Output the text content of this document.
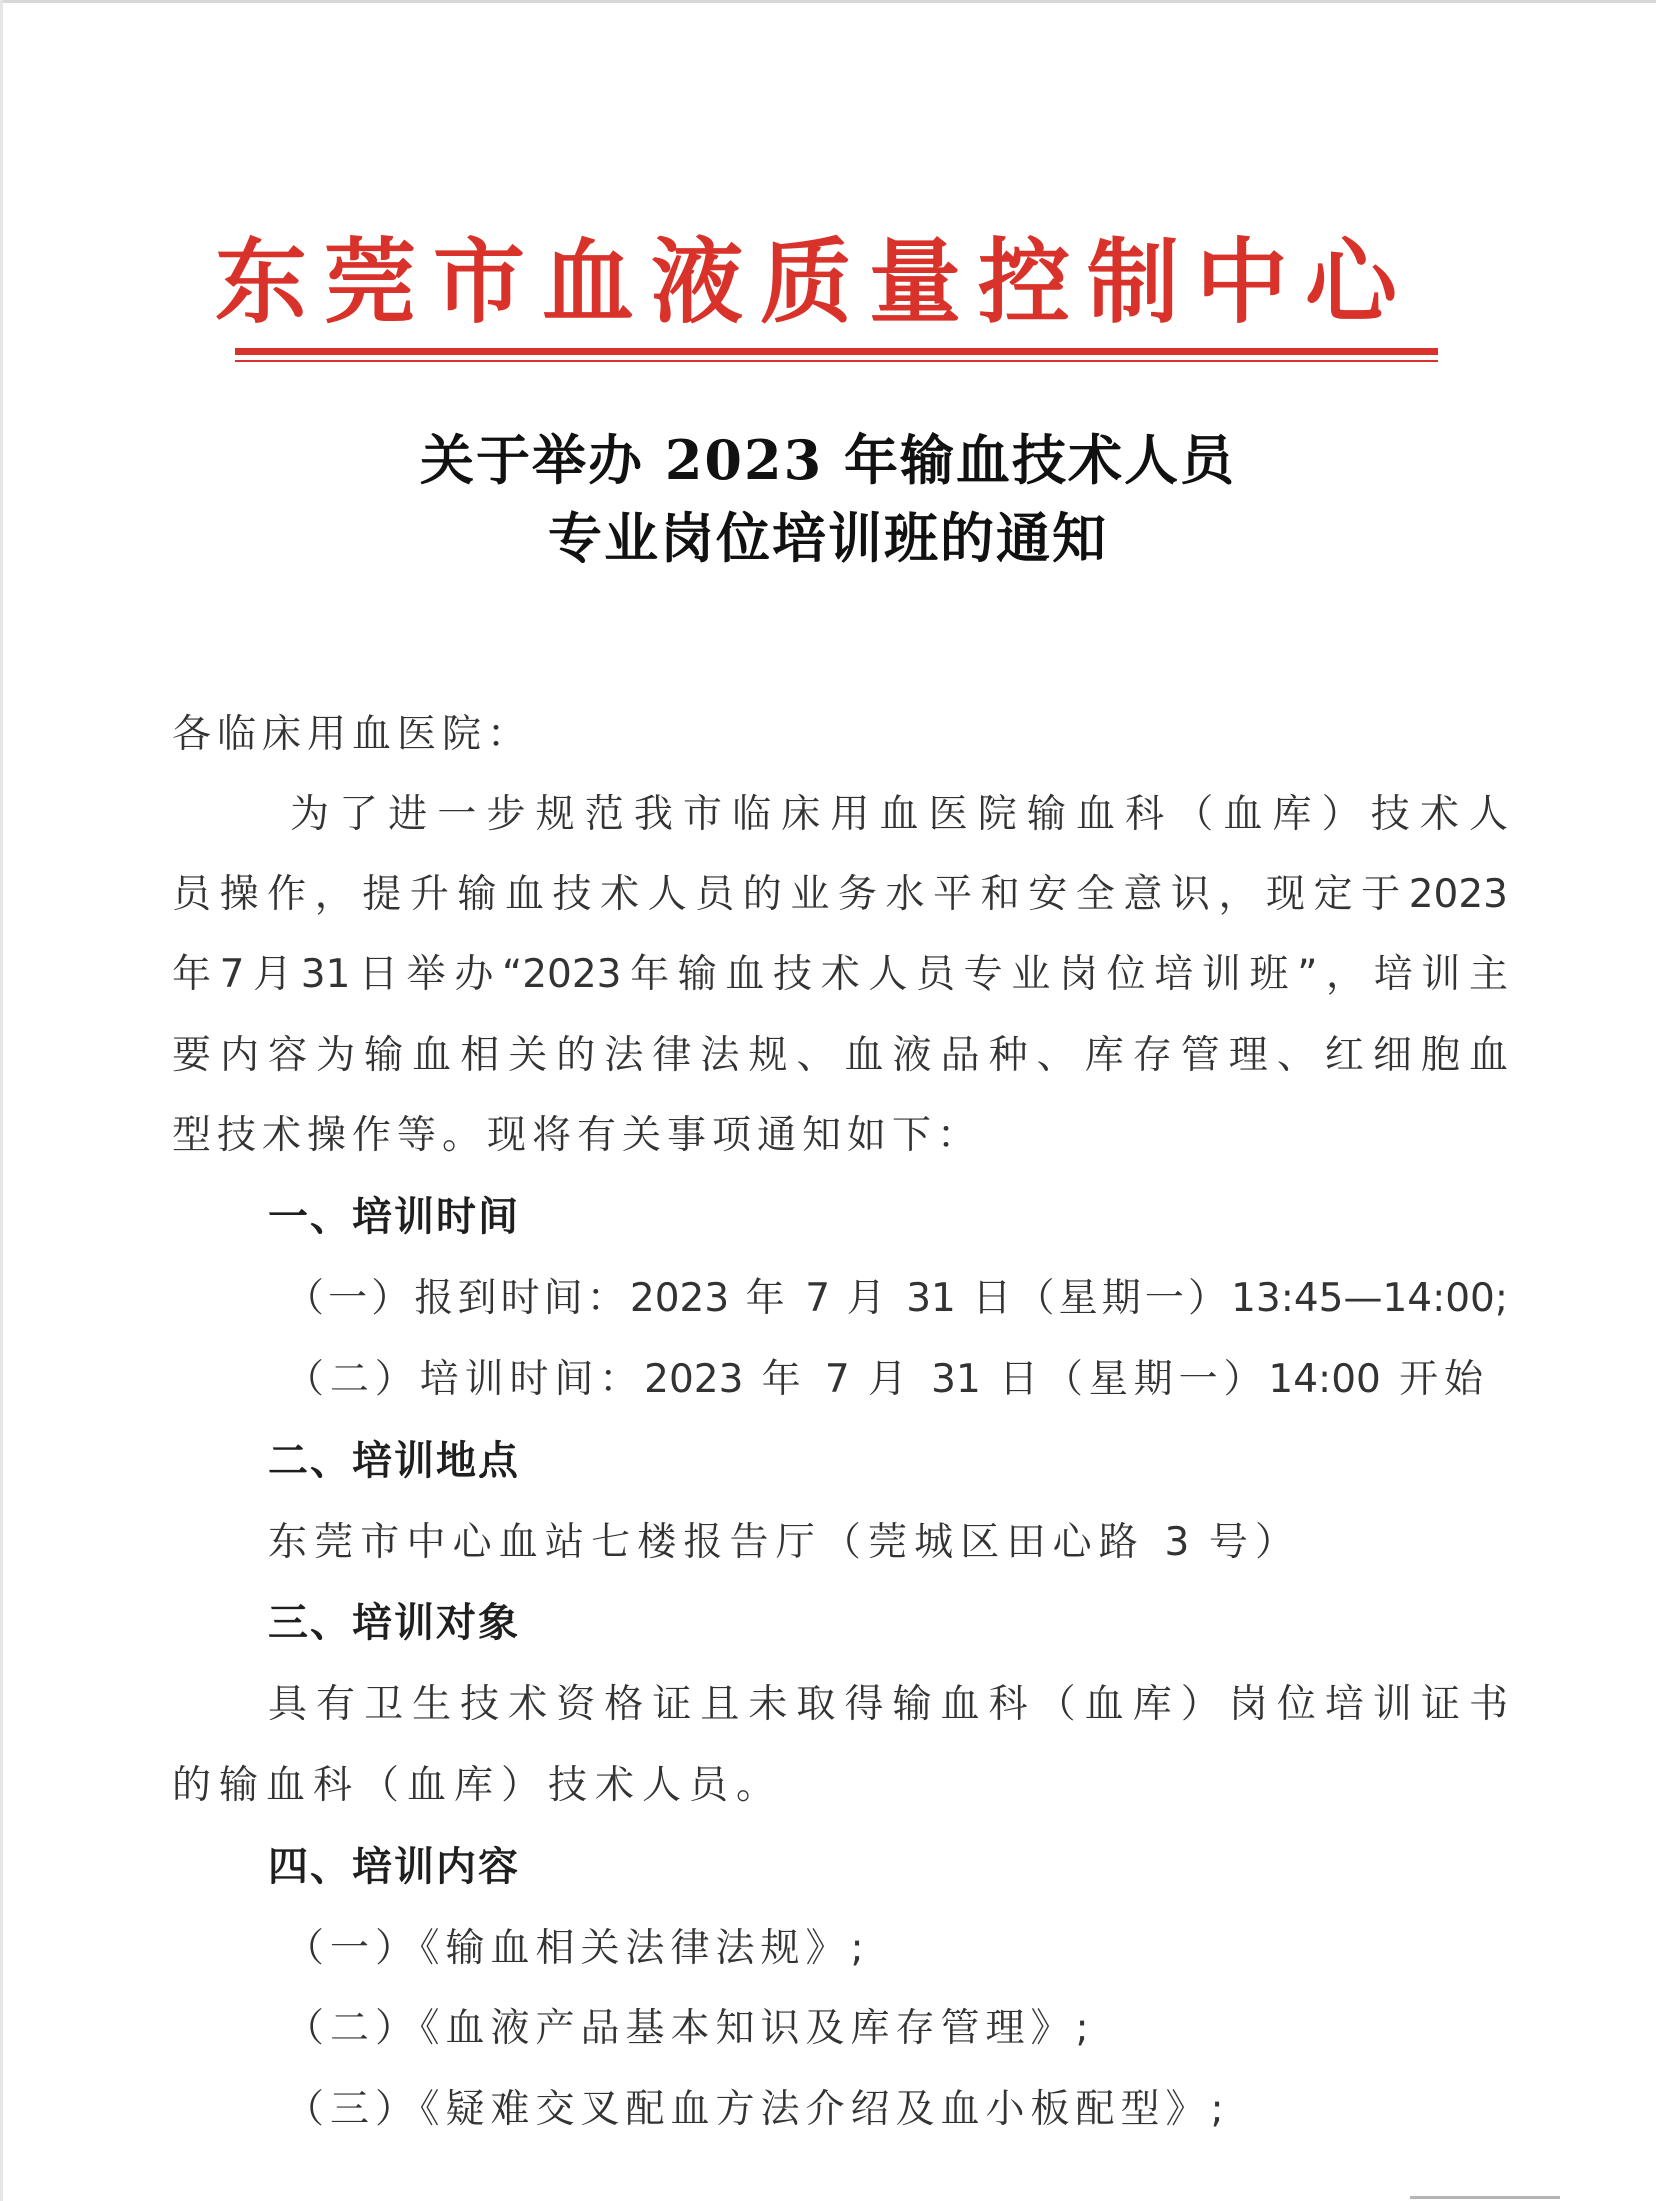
东莞市血液质量控制中心
关于举办 2023 年输血技术人员
专业岗位培训班的通知
各临床用血医院：
为了进一步规范我市临床用血医院输血科（血库）技术人
员操作，提升输血技术人员的业务水平和安全意识，现定于2023
年7月31日举办“2023年输血技术人员专业岗位培训班”，培训主
要内容为输血相关的法律法规、血液品种、库存管理、红细胞血
型技术操作等。现将有关事项通知如下：
一、培训时间
（一）报到时间：2023 年 7 月 31 日（星期一）13:45—14:00;
（二）培训时间：2023 年 7 月 31 日（星期一）14:00 开始
二、培训地点
东莞市中心血站七楼报告厅（莞城区田心路 3 号）
三、培训对象
具有卫生技术资格证且未取得输血科（血库）岗位培训证书
的输血科（血库）技术人员。
四、培训内容
（一）《输血相关法律法规》;
（二）《血液产品基本知识及库存管理》;
（三）《疑难交叉配血方法介绍及血小板配型》;
